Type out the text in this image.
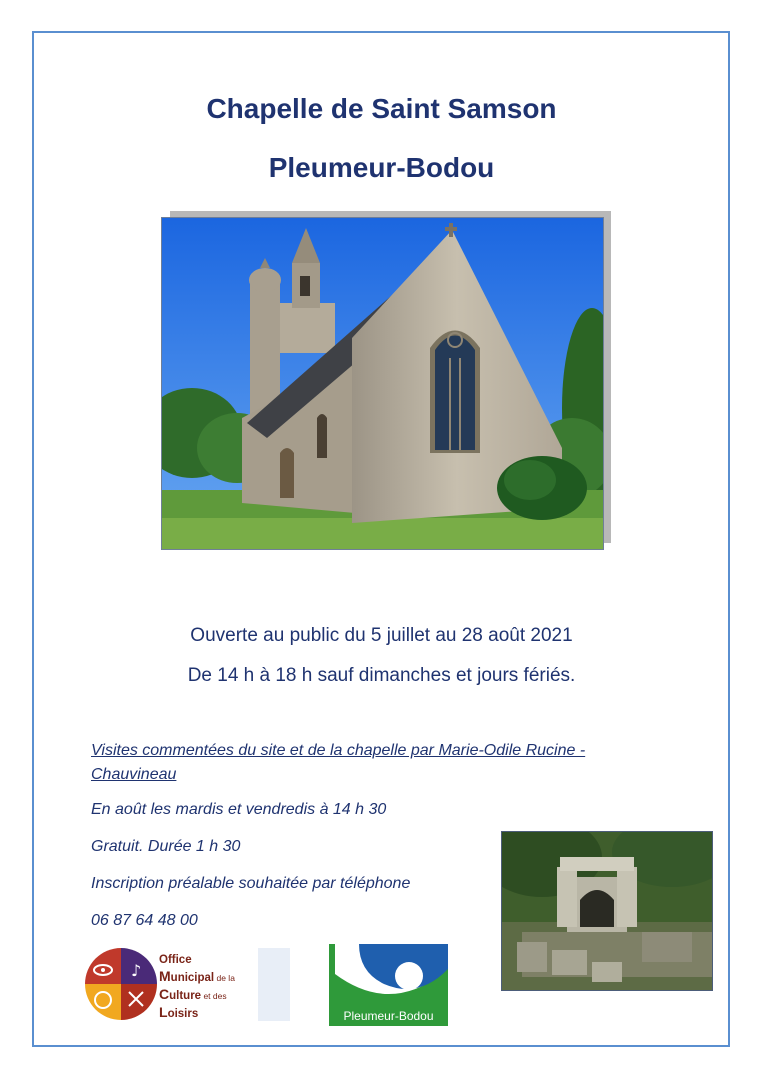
Chapelle de Saint Samson
Pleumeur-Bodou
Ouverte au public du 5 juillet au 28 août 2021
De 14 h à 18 h sauf dimanches et jours fériés.
Visites commentées du site et de la chapelle par Marie-Odile Rucine - Chauvineau
En août les mardis et vendredis à 14 h 30
Gratuit. Durée 1 h 30
Inscription préalable souhaitée par téléphone
06 87 64 48 00
♪
Office
Municipal de la
Culture et des
Loisirs	Pleumeur-Bodou
